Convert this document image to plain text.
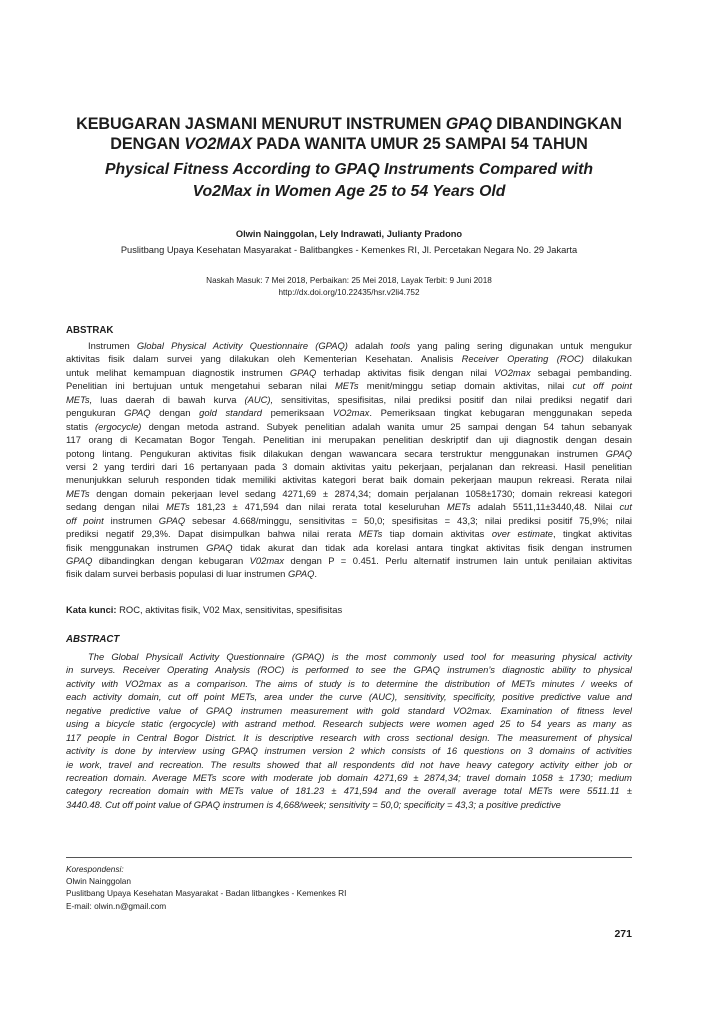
KEBUGARAN JASMANI MENURUT INSTRUMEN GPAQ DIBANDINGKAN
DENGAN VO2MAX PADA WANITA UMUR 25 SAMPAI 54 TAHUN
Physical Fitness According to GPAQ Instruments Compared with
Vo2Max in Women Age 25 to 54 Years Old
Olwin Nainggolan, Lely Indrawati, Julianty Pradono
Puslitbang Upaya Kesehatan Masyarakat - Balitbangkes - Kemenkes RI, Jl. Percetakan Negara No. 29 Jakarta
Naskah Masuk: 7 Mei 2018, Perbaikan: 25 Mei 2018, Layak Terbit: 9 Juni 2018
http://dx.doi.org/10.22435/hsr.v2li4.752
ABSTRAK
Instrumen Global Physical Activity Questionnaire (GPAQ) adalah tools yang paling sering digunakan untuk mengukur
aktivitas fisik dalam survei yang dilakukan oleh Kementerian Kesehatan. Analisis Receiver Operating (ROC) dilakukan
untuk melihat kemampuan diagnostik instrumen GPAQ terhadap aktivitas fisik dengan nilai VO2max sebagai pembanding.
Penelitian ini bertujuan untuk mengetahui sebaran nilai METs menit/minggu setiap domain aktivitas, nilai cut off point
METs, luas daerah di bawah kurva (AUC), sensitivitas, spesifisitas, nilai prediksi positif dan nilai prediksi negatif dari
pengukuran GPAQ dengan gold standard pemeriksaan VO2max. Pemeriksaan tingkat kebugaran menggunakan sepeda
statis (ergocycle) dengan metoda astrand. Subyek penelitian adalah wanita umur 25 sampai dengan 54 tahun sebanyak
117 orang di Kecamatan Bogor Tengah. Penelitian ini merupakan penelitian deskriptif dan uji diagnostik dengan desain
potong lintang. Pengukuran aktivitas fisik dilakukan dengan wawancara secara terstruktur menggunakan instrumen GPAQ
versi 2 yang terdiri dari 16 pertanyaan pada 3 domain aktivitas yaitu pekerjaan, perjalanan dan rekreasi. Hasil penelitian
menunjukkan seluruh responden tidak memiliki aktivitas kategori berat baik domain pekerjaan maupun rekreasi. Rerata nilai
METs dengan domain pekerjaan level sedang 4271,69 ± 2874,34; domain perjalanan 1058±1730; domain rekreasi kategori
sedang dengan nilai METs 181,23 ± 471,594 dan nilai rerata total keseluruhan METs adalah 5511,11±3440,48. Nilai cut
off point instrumen GPAQ sebesar 4.668/minggu, sensitivitas = 50,0; spesifisitas = 43,3; nilai prediksi positif 75,9%; nilai
prediksi negatif 29,3%. Dapat disimpulkan bahwa nilai rerata METs tiap domain aktivitas over estimate, tingkat aktivitas
fisik menggunakan instrumen GPAQ tidak akurat dan tidak ada korelasi antara tingkat aktivitas fisik dengan instrumen
GPAQ dibandingkan dengan kebugaran V02max dengan P = 0.451. Perlu alternatif instrumen lain untuk penilaian aktivitas
fisik dalam survei berbasis populasi di luar instrumen GPAQ.
Kata kunci: ROC, aktivitas fisik, V02 Max, sensitivitas, spesifisitas
ABSTRACT
The Global Physicall Activity Questionnaire (GPAQ) is the most commonly used tool for measuring physical activity
in surveys. Receiver Operating Analysis (ROC) is performed to see the GPAQ instrumen’s diagnostic ability to physical
activity with VO2max as a comparison. The aims of study is to determine the distribution of METs minutes / weeks of
each activity domain, cut off point METs, area under the curve (AUC), sensitivity, specificity, positive predictive value and
negative predictive value of GPAQ instrumen measurement with gold standard VO2max. Examination of fitness level
using a bicycle static (ergocycle) with astrand method. Research subjects were women aged 25 to 54 years as many as
117 people in Central Bogor District. It is descriptive research with cross sectional design. The measurement of physical
activity is done by interview using GPAQ instrumen version 2 which consists of 16 questions on 3 domains of activities
ie work, travel and recreation. The results showed that all respondents did not have heavy category activity either job or
recreation domain. Average METs score with moderate job domain 4271,69 ± 2874,34; travel domain 1058 ± 1730; medium
category recreation domain with METs value of 181.23 ± 471,594 and the overall average total METs were 5511.11 ±
3440.48. Cut off point value of GPAQ instrumen is 4,668/week; sensitivity = 50,0; specificity = 43,3; a positive predictive
Korespondensi:
Olwin Nainggolan
Puslitbang Upaya Kesehatan Masyarakat - Badan litbangkes - Kemenkes RI
E-mail: olwin.n@gmail.com
271
